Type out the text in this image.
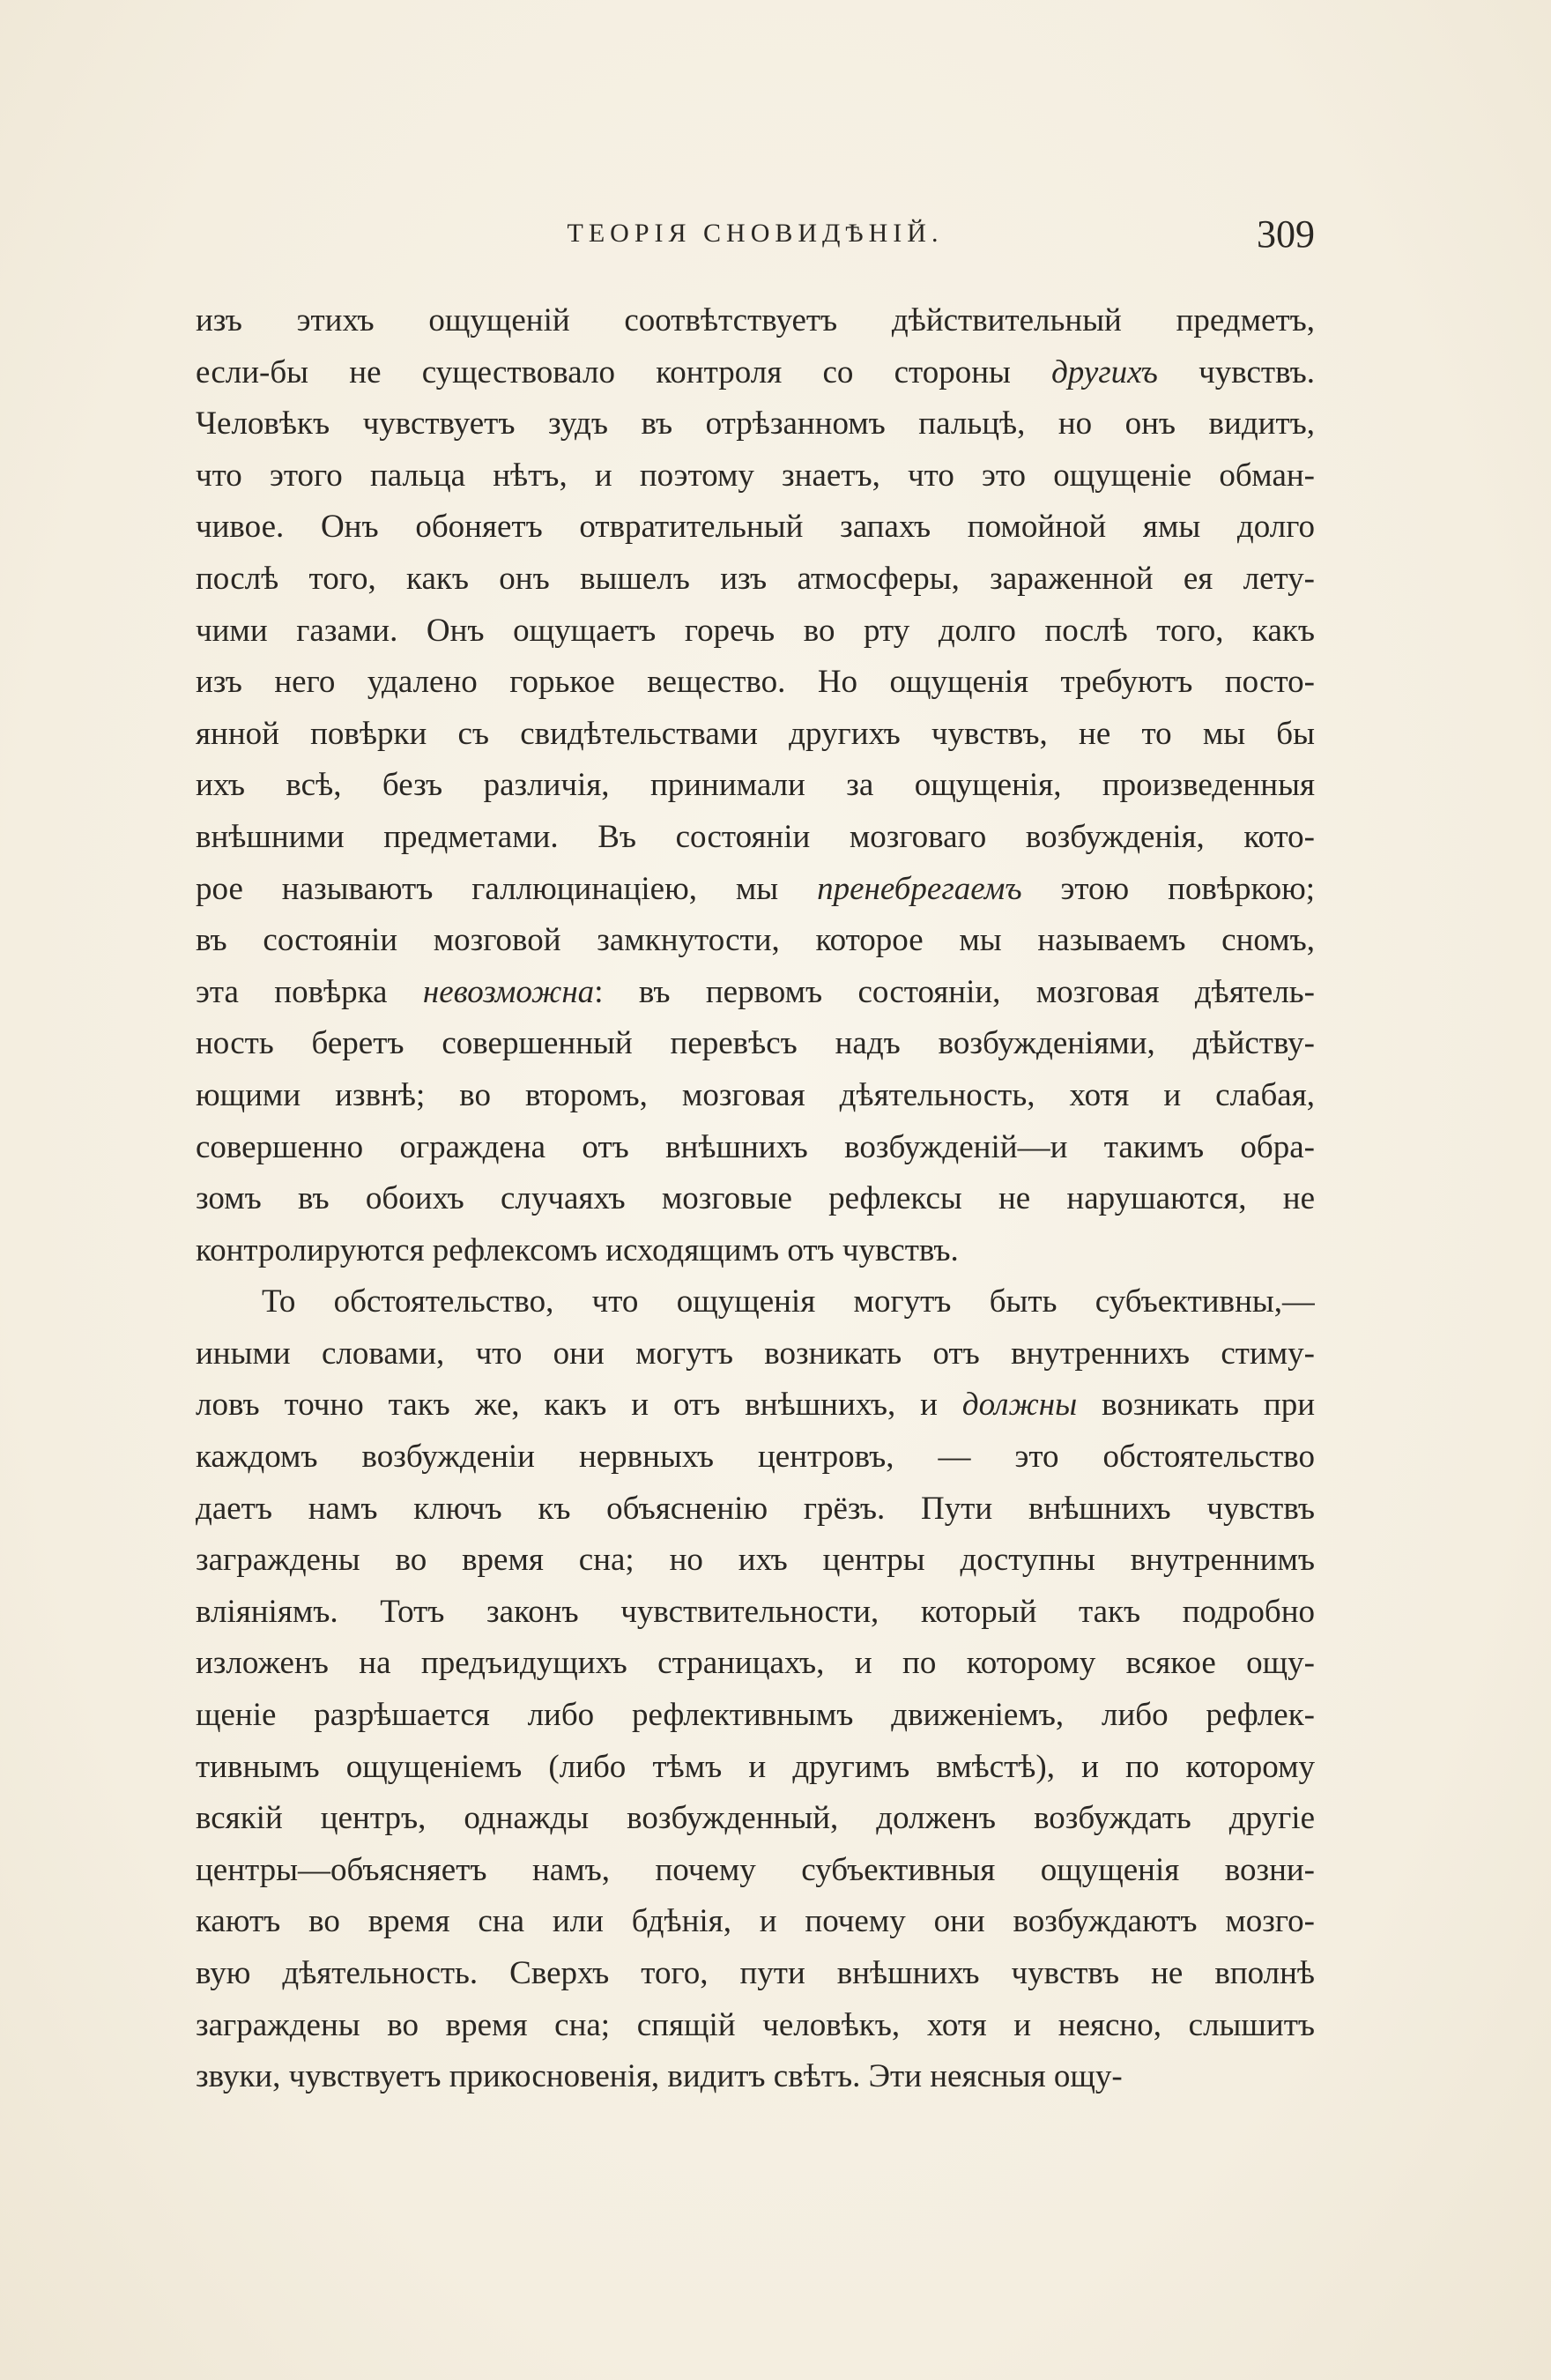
ТЕОРІЯ СНОВИДѢНІЙ.	309
изъ этихъ ощущеній соотвѣтствуетъ дѣйствительный предметъ,
если-бы не существовало контроля со стороны другихъ чувствъ.
Человѣкъ чувствуетъ зудъ въ отрѣзанномъ пальцѣ, но онъ видитъ,
что этого пальца нѣтъ, и поэтому знаетъ, что это ощущеніе обман-
чивое. Онъ обоняетъ отвратительный запахъ помойной ямы долго
послѣ того, какъ онъ вышелъ изъ атмосферы, зараженной ея лету-
чими газами. Онъ ощущаетъ горечь во рту долго послѣ того, какъ
изъ него удалено горькое вещество. Но ощущенія требуютъ посто-
янной повѣрки съ свидѣтельствами другихъ чувствъ, не то мы бы
ихъ всѣ, безъ различія, принимали за ощущенія, произведенныя
внѣшними предметами. Въ состояніи мозговаго возбужденія, кото-
рое называютъ галлюцинаціею, мы пренебрегаемъ этою повѣркою;
въ состояніи мозговой замкнутости, которое мы называемъ сномъ,
эта повѣрка невозможна: въ первомъ состояніи, мозговая дѣятель-
ность беретъ совершенный перевѣсъ надъ возбужденіями, дѣйству-
ющими извнѣ; во второмъ, мозговая дѣятельность, хотя и слабая,
совершенно ограждена отъ внѣшнихъ возбужденій—и такимъ обра-
зомъ въ обоихъ случаяхъ мозговые рефлексы не нарушаются, не
контролируются рефлексомъ исходящимъ отъ чувствъ.
То обстоятельство, что ощущенія могутъ быть субъективны,—
иными словами, что они могутъ возникать отъ внутреннихъ стиму-
ловъ точно такъ же, какъ и отъ внѣшнихъ, и должны возникать при
каждомъ возбужденіи нервныхъ центровъ, — это обстоятельство
даетъ намъ ключъ къ объясненію грёзъ. Пути внѣшнихъ чувствъ
заграждены во время сна; но ихъ центры доступны внутреннимъ
вліяніямъ. Тотъ законъ чувствительности, который такъ подробно
изложенъ на предъидущихъ страницахъ, и по которому всякое ощу-
щеніе разрѣшается либо рефлективнымъ движеніемъ, либо рефлек-
тивнымъ ощущеніемъ (либо тѣмъ и другимъ вмѣстѣ), и по которому
всякій центръ, однажды возбужденный, долженъ возбуждать другіе
центры—объясняетъ намъ, почему субъективныя ощущенія возни-
каютъ во время сна или бдѣнія, и почему они возбуждаютъ мозго-
вую дѣятельность. Сверхъ того, пути внѣшнихъ чувствъ не вполнѣ
заграждены во время сна; спящій человѣкъ, хотя и неясно, слышитъ
звуки, чувствуетъ прикосновенія, видитъ свѣтъ. Эти неясныя ощу-
